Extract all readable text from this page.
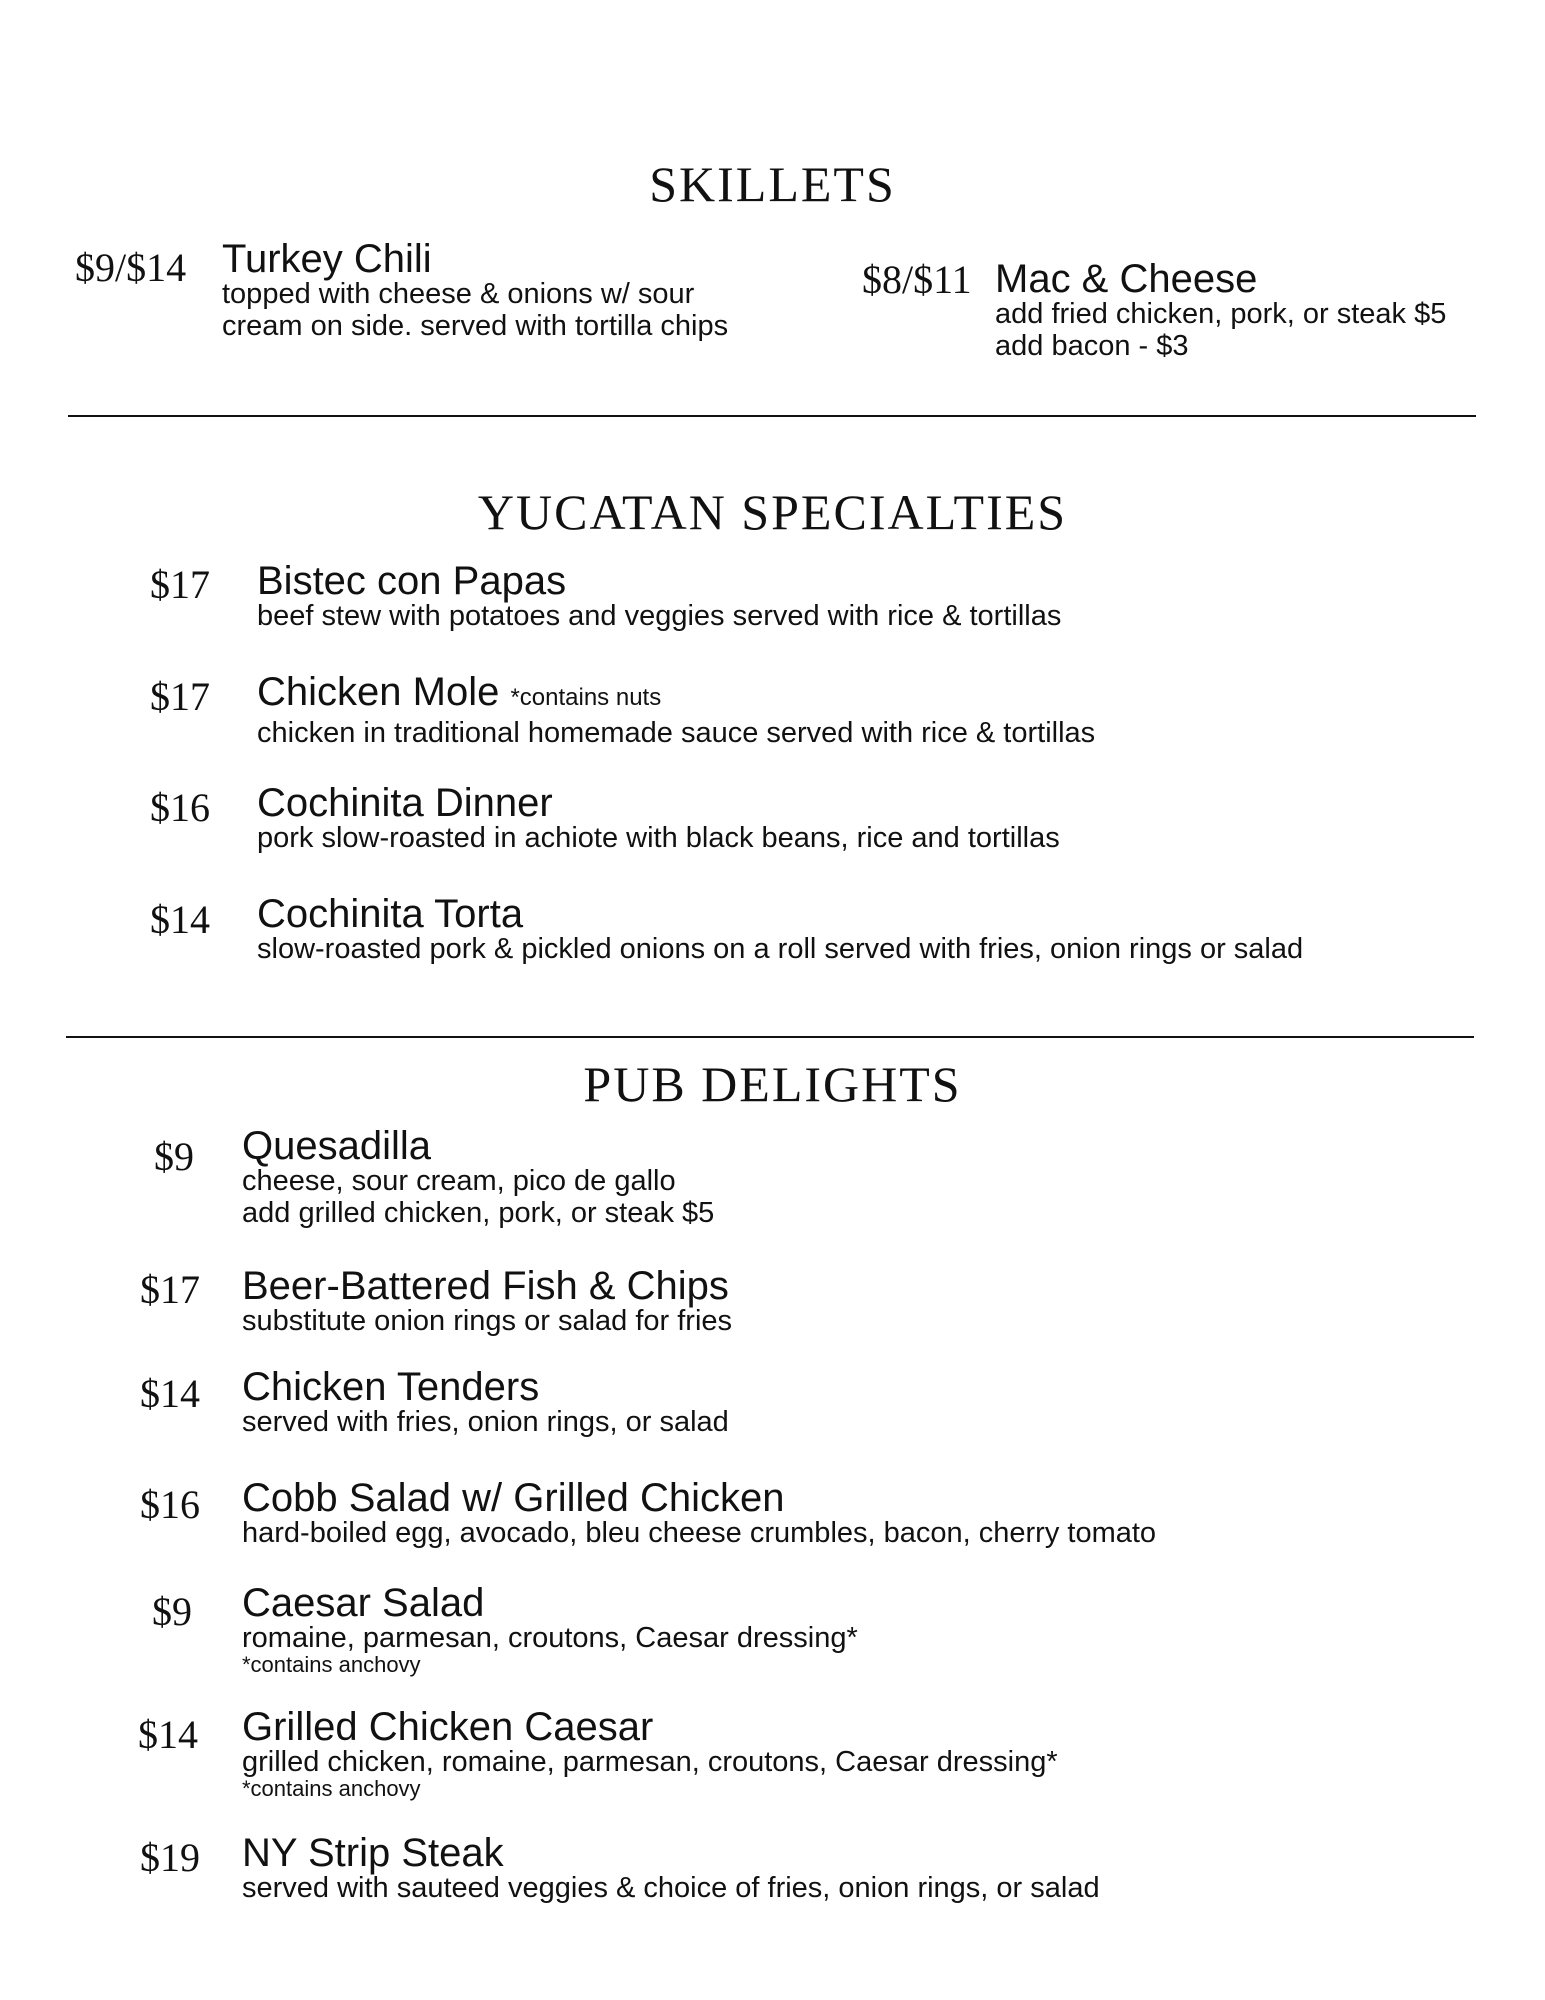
SKILLETS
$9/$14 Turkey Chili
topped with cheese & onions w/ sour
cream on side. served with tortilla chips
$8/$11 Mac & Cheese
add fried chicken, pork, or steak $5
add bacon - $3
YUCATAN SPECIALTIES
$17 Bistec con Papas
beef stew with potatoes and veggies served with rice & tortillas
$17 Chicken Mole *contains nuts
chicken in traditional homemade sauce served with rice & tortillas
$16 Cochinita Dinner
pork slow-roasted in achiote with black beans, rice and tortillas
$14 Cochinita Torta
slow-roasted pork & pickled onions on a roll served with fries, onion rings or salad
PUB DELIGHTS
$9 Quesadilla
cheese, sour cream, pico de gallo
add grilled chicken, pork, or steak $5
$17 Beer-Battered Fish & Chips
substitute onion rings or salad for fries
$14 Chicken Tenders
served with fries, onion rings, or salad
$16 Cobb Salad w/ Grilled Chicken
hard-boiled egg, avocado, bleu cheese crumbles, bacon, cherry tomato
$9 Caesar Salad
romaine, parmesan, croutons, Caesar dressing*
*contains anchovy
$14 Grilled Chicken Caesar
grilled chicken, romaine, parmesan, croutons, Caesar dressing*
*contains anchovy
$19 NY Strip Steak
served with sauteed veggies & choice of fries, onion rings, or salad
